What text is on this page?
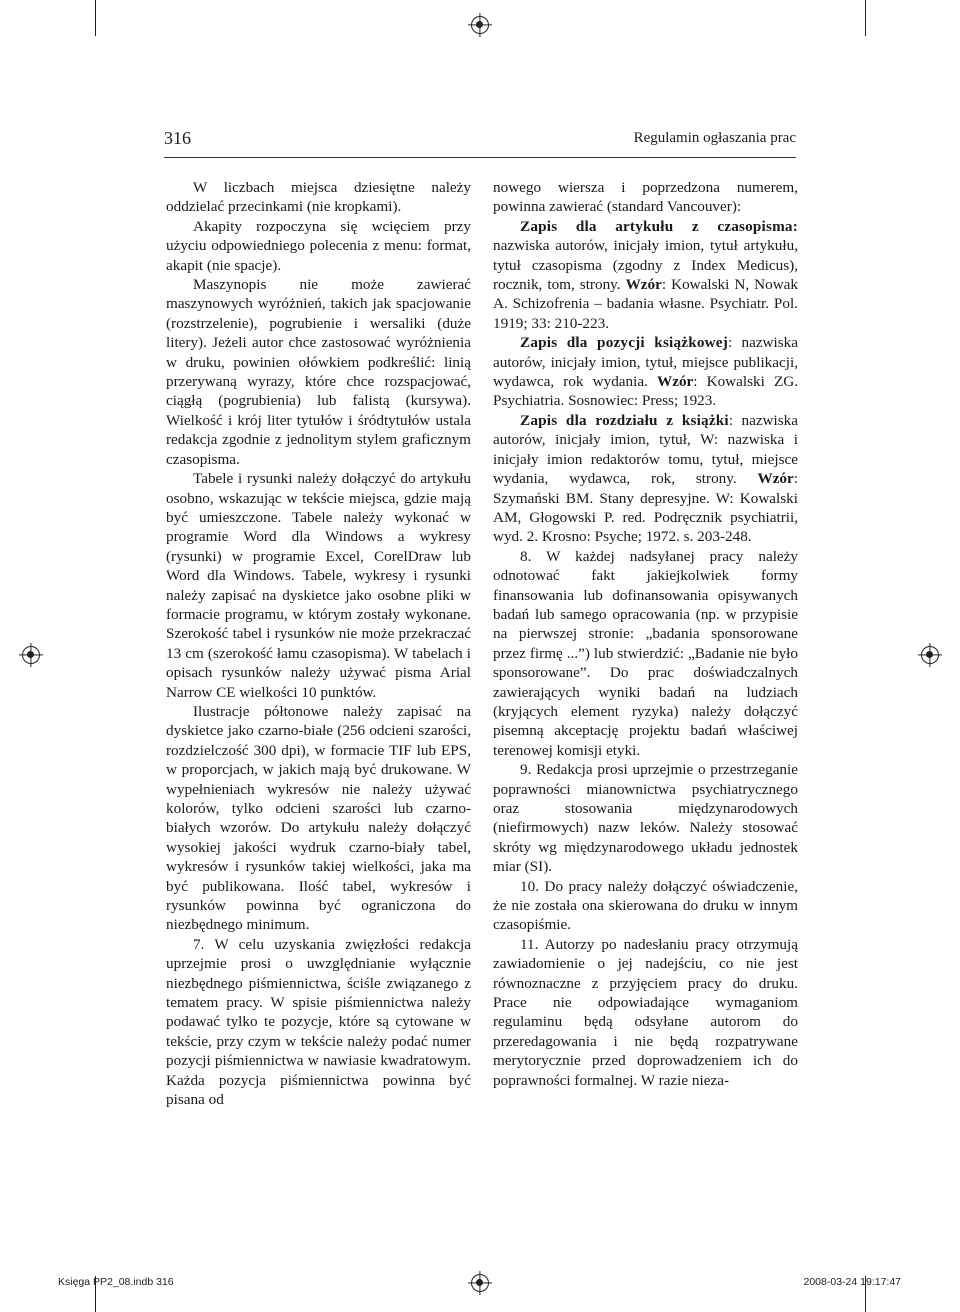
316	Regulamin ogłaszania prac

W liczbach miejsca dziesiętne należy oddzielać przecinkami (nie kropkami).

Akapity rozpoczyna się wcięciem przy użyciu odpowiedniego polecenia z menu: format, akapit (nie spacje).

Maszynopis nie może zawierać maszynowych wyróżnień, takich jak spacjowanie (rozstrzelenie), pogrubienie i wersaliki (duże litery). Jeżeli autor chce zastosować wyróżnienia w druku, powinien ołówkiem podkreślić: linią przerywaną wyrazy, które chce rozspacjować, ciągłą (pogrubienia) lub falistą (kursywa). Wielkość i krój liter tytułów i śródtytułów ustala redakcja zgodnie z jednolitym stylem graficznym czasopisma.

Tabele i rysunki należy dołączyć do artykułu osobno, wskazując w tekście miejsca, gdzie mają być umieszczone. Tabele należy wykonać w programie Word dla Windows a wykresy (rysunki) w programie Excel, CorelDraw lub Word dla Windows. Tabele, wykresy i rysunki należy zapisać na dyskietce jako osobne pliki w formacie programu, w którym zostały wykonane. Szerokość tabel i rysunków nie może przekraczać 13 cm (szerokość łamu czasopisma). W tabelach i opisach rysunków należy używać pisma Arial Narrow CE wielkości 10 punktów.

Ilustracje półtonowe należy zapisać na dyskietce jako czarno-białe (256 odcieni szarości, rozdzielczość 300 dpi), w formacie TIF lub EPS, w proporcjach, w jakich mają być drukowane. W wypełnieniach wykresów nie należy używać kolorów, tylko odcieni szarości lub czarno-białych wzorów. Do artykułu należy dołączyć wysokiej jakości wydruk czarno-biały tabel, wykresów i rysunków takiej wielkości, jaka ma być publikowana. Ilość tabel, wykresów i rysunków powinna być ograniczona do niezbędnego minimum.

7. W celu uzyskania zwięzłości redakcja uprzejmie prosi o uwzględnianie wyłącznie niezbędnego piśmiennictwa, ściśle związanego z tematem pracy. W spisie piśmiennictwa należy podawać tylko te pozycje, które są cytowane w tekście, przy czym w tekście należy podać numer pozycji piśmiennictwa w nawiasie kwadratowym. Każda pozycja piśmiennictwa powinna być pisana od

nowego wiersza i poprzedzona numerem, powinna zawierać (standard Vancouver):

Zapis dla artykułu z czasopisma: nazwiska autorów, inicjały imion, tytuł artykułu, tytuł czasopisma (zgodny z Index Medicus), rocznik, tom, strony. Wzór: Kowalski N, Nowak A. Schizofrenia – badania własne. Psychiatr. Pol. 1919; 33: 210-223.

Zapis dla pozycji książkowej: nazwiska autorów, inicjały imion, tytuł, miejsce publikacji, wydawca, rok wydania. Wzór: Kowalski ZG. Psychiatria. Sosnowiec: Press; 1923.

Zapis dla rozdziału z książki: nazwiska autorów, inicjały imion, tytuł, W: nazwiska i inicjały imion redaktorów tomu, tytuł, miejsce wydania, wydawca, rok, strony. Wzór: Szymański BM. Stany depresyjne. W: Kowalski AM, Głogowski P. red. Podręcznik psychiatrii, wyd. 2. Krosno: Psyche; 1972. s. 203-248.

8. W każdej nadsyłanej pracy należy odnotować fakt jakiejkolwiek formy finansowania lub dofinansowania opisywanych badań lub samego opracowania (np. w przypisie na pierwszej stronie: „badania sponsorowane przez firmę ...”) lub stwierdzić: „Badanie nie było sponsorowane”. Do prac doświadczalnych zawierających wyniki badań na ludziach (kryjących element ryzyka) należy dołączyć pisemną akceptację projektu badań właściwej terenowej komisji etyki.

9. Redakcja prosi uprzejmie o przestrzeganie poprawności mianownictwa psychiatrycznego oraz stosowania międzynarodowych (niefirmowych) nazw leków. Należy stosować skróty wg międzynarodowego układu jednostek miar (SI).

10. Do pracy należy dołączyć oświadczenie, że nie została ona skierowana do druku w innym czasopiśmie.

11. Autorzy po nadesłaniu pracy otrzymują zawiadomienie o jej nadejściu, co nie jest równoznaczne z przyjęciem pracy do druku. Prace nie odpowiadające wymaganiom regulaminu będą odsyłane autorom do przeredagowania i nie będą rozpatrywane merytorycznie przed doprowadzeniem ich do poprawności formalnej. W razie nieza-

Księga PP2_08.indb 316	2008-03-24 19:17:47
